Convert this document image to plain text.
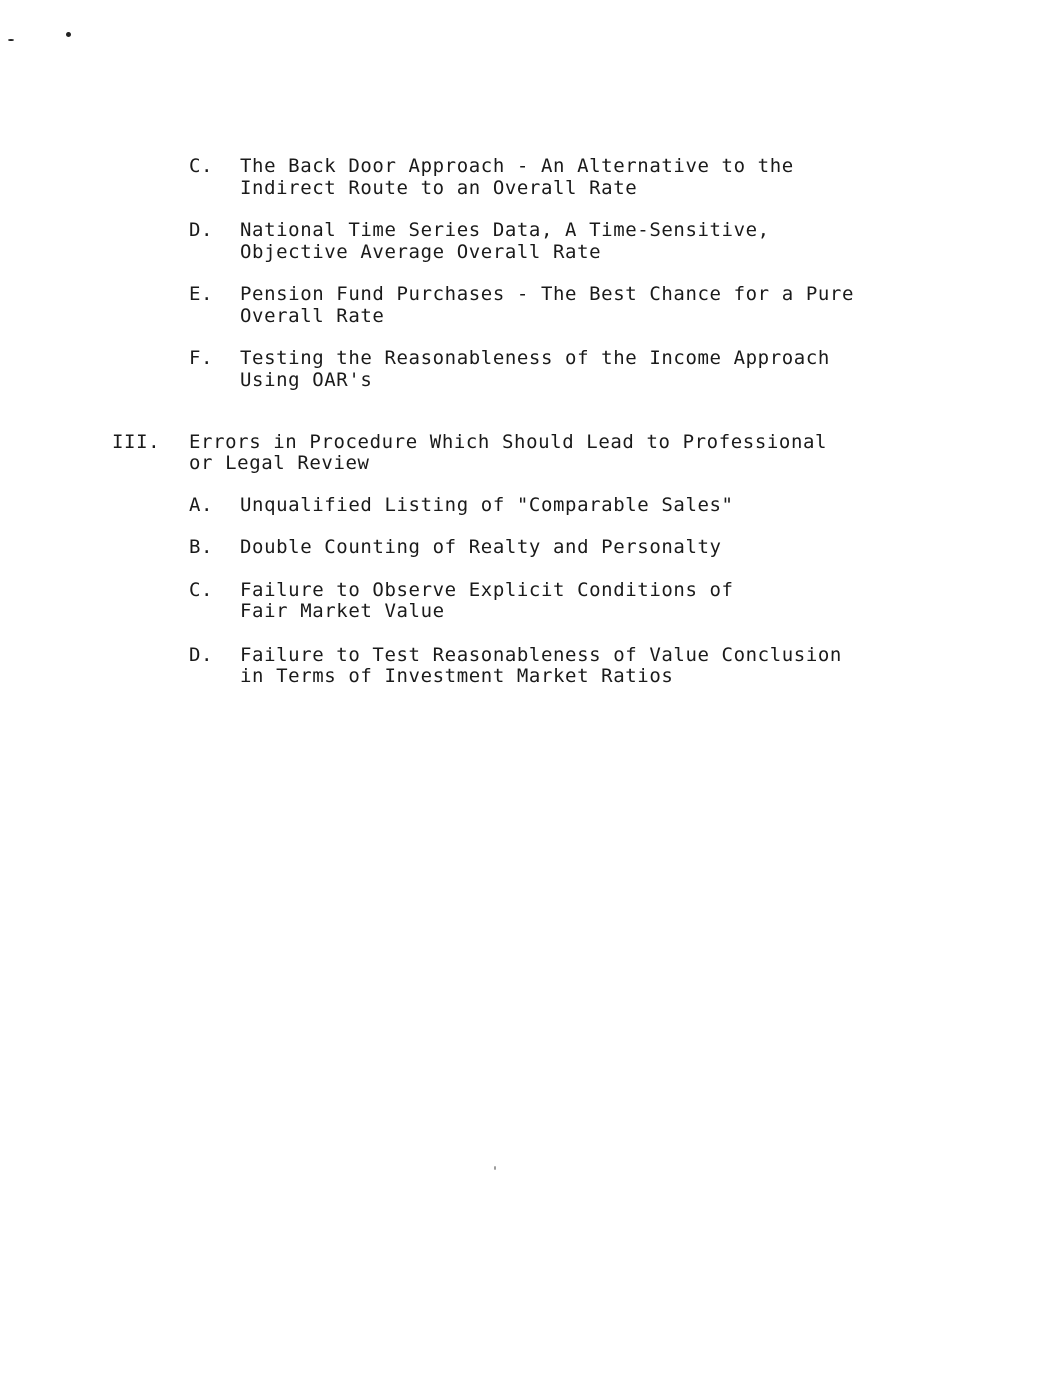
C. The Back Door Approach - An Alternative to the
Indirect Route to an Overall Rate
D. National Time Series Data, A Time-Sensitive,
Objective Average Overall Rate
E. Pension Fund Purchases - The Best Chance for a Pure
Overall Rate
F. Testing the Reasonableness of the Income Approach
Using OAR's
III. Errors in Procedure Which Should Lead to Professional
or Legal Review
A. Unqualified Listing of "Comparable Sales"
B. Double Counting of Realty and Personalty
C. Failure to Observe Explicit Conditions of
Fair Market Value
D. Failure to Test Reasonableness of Value Conclusion
in Terms of Investment Market Ratios
